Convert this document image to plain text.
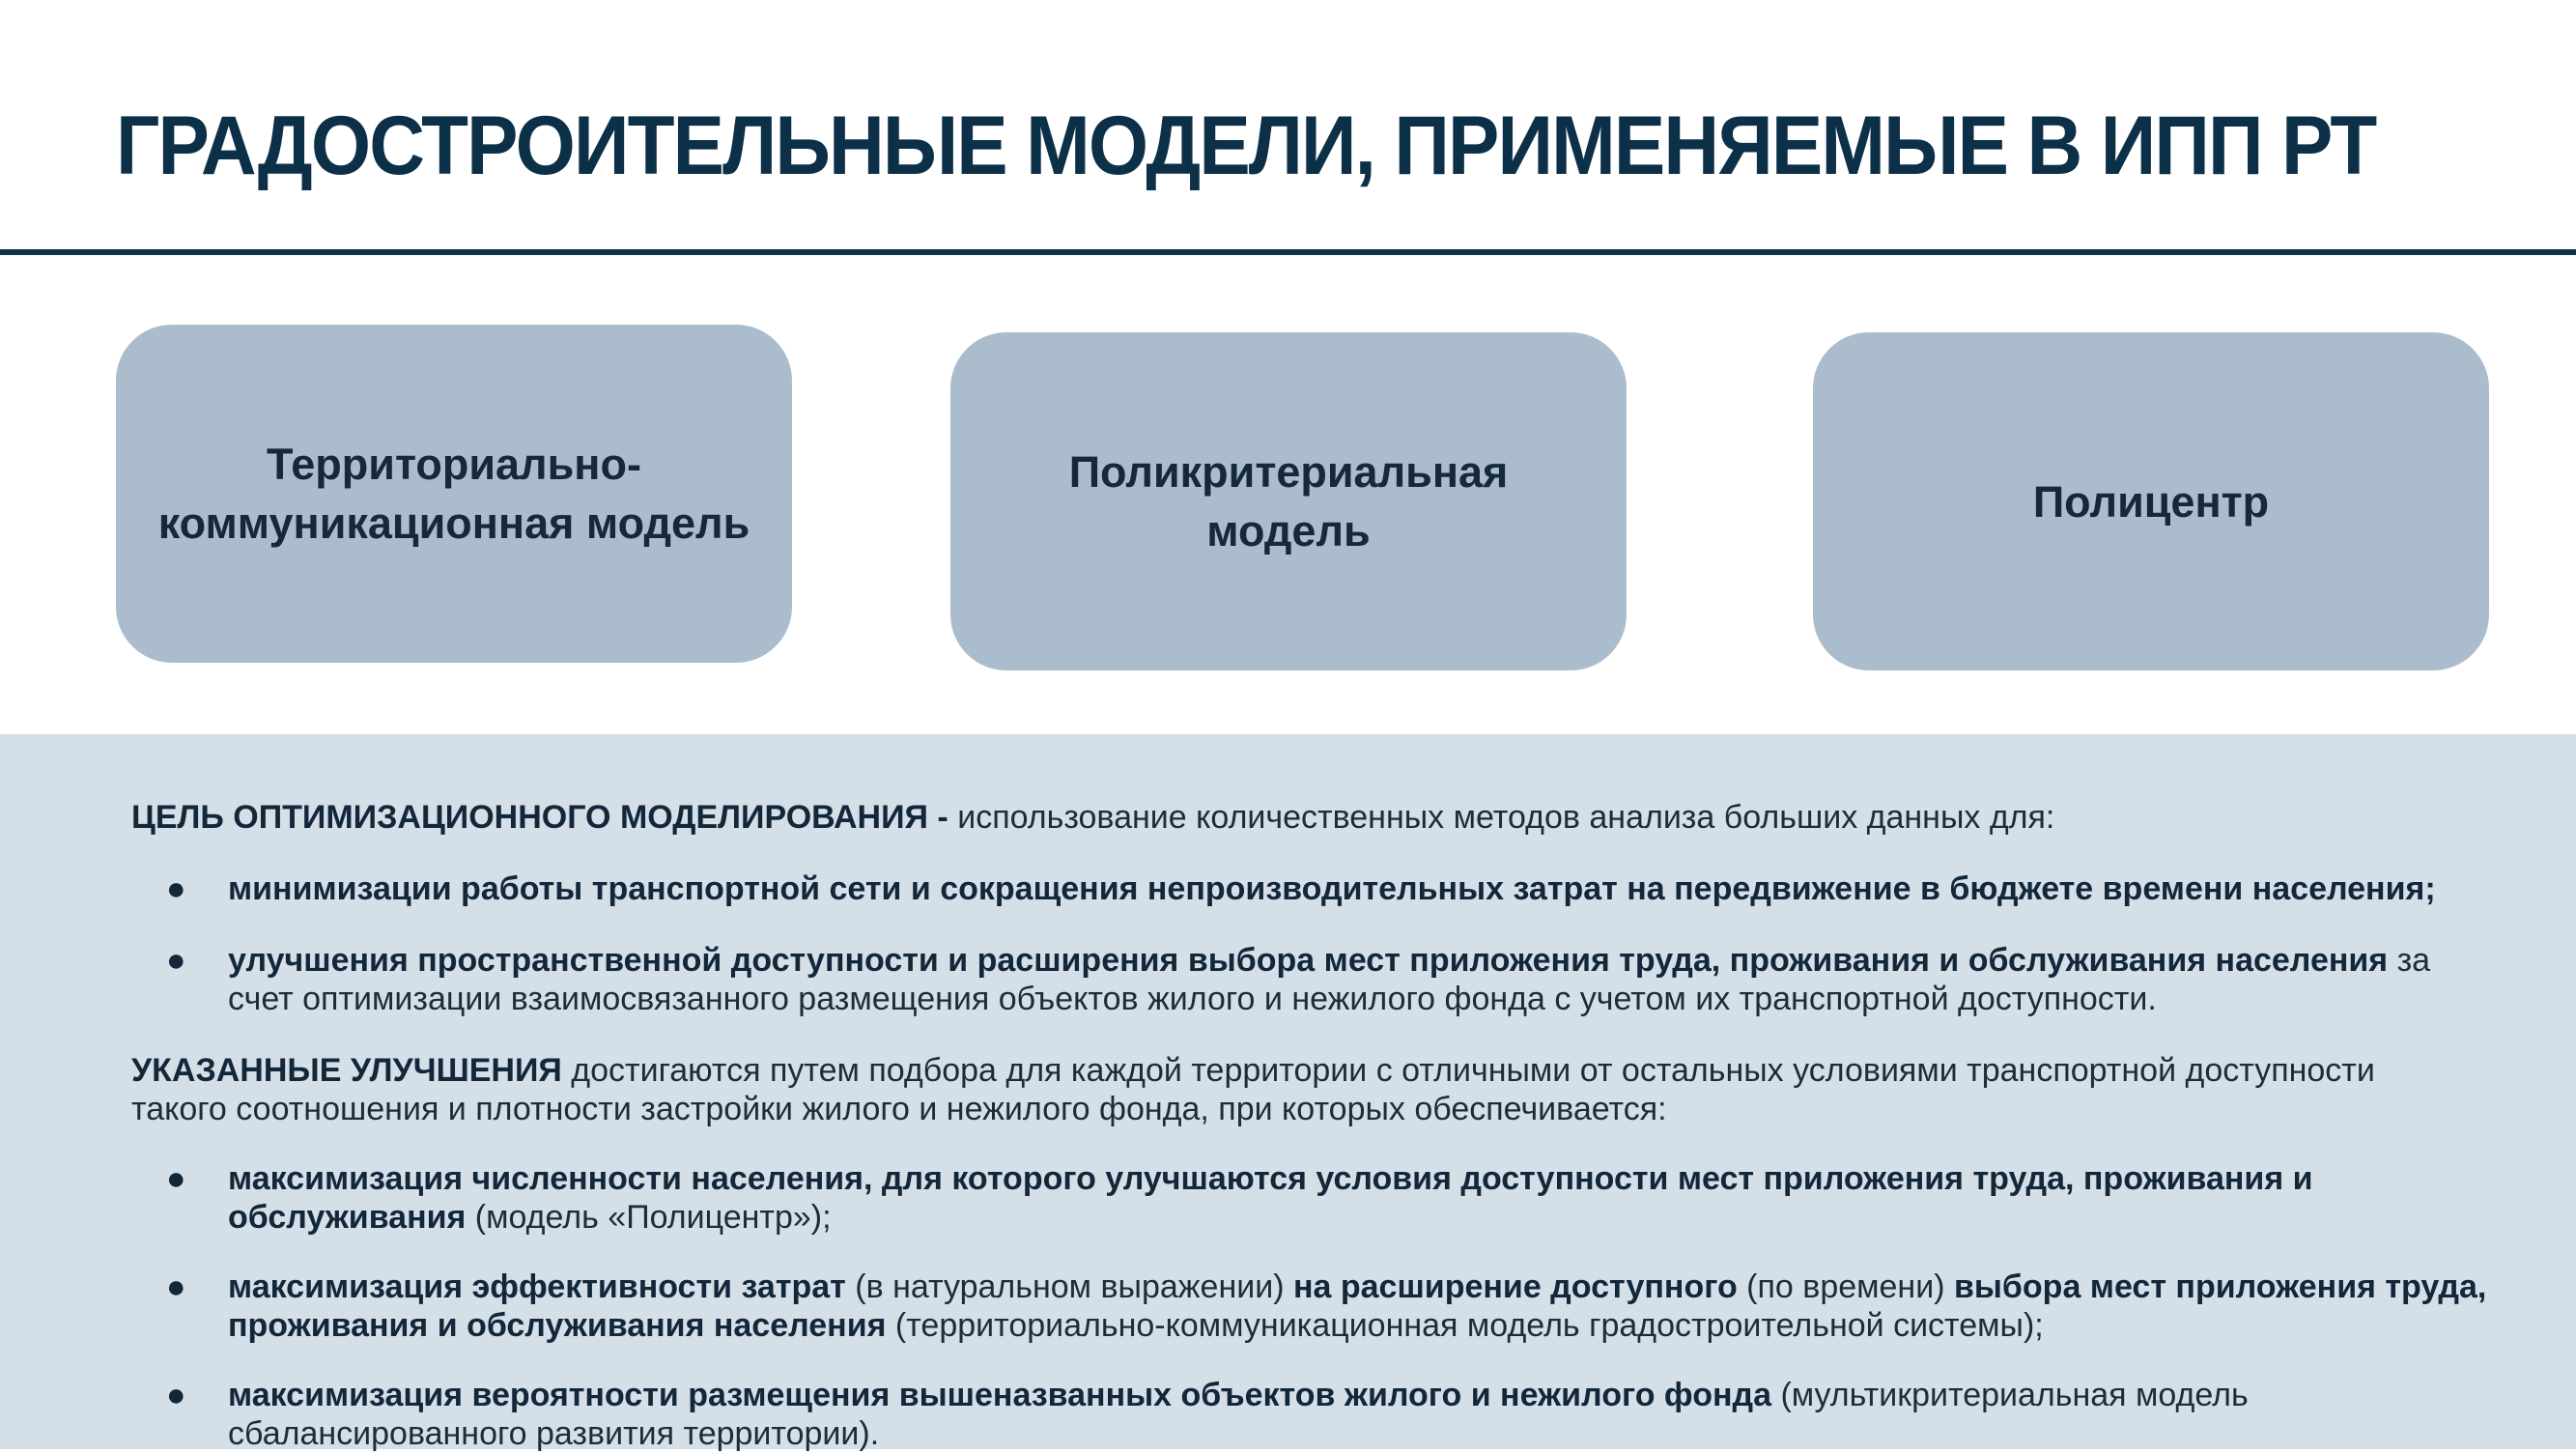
ГРАДОСТРОИТЕЛЬНЫЕ МОДЕЛИ, ПРИМЕНЯЕМЫЕ В ИПП РТ
Территориально-
коммуникационная модель
Поликритериальная модель
Полицентр

ЦЕЛЬ ОПТИМИЗАЦИОННОГО МОДЕЛИРОВАНИЯ - использование количественных методов анализа больших данных для:

● минимизации работы транспортной сети и сокращения непроизводительных затрат на передвижение в бюджете времени населения;

● улучшения пространственной доступности и расширения выбора мест приложения труда, проживания и обслуживания населения за счет оптимизации взаимосвязанного размещения объектов жилого и нежилого фонда с учетом их транспортной доступности.

УКАЗАННЫЕ УЛУЧШЕНИЯ достигаются путем подбора для каждой территории с отличными от остальных условиями транспортной доступности такого соотношения и плотности застройки жилого и нежилого фонда, при которых обеспечивается:

● максимизация численности населения, для которого улучшаются условия доступности мест приложения труда, проживания и обслуживания (модель «Полицентр»);

● максимизация эффективности затрат (в натуральном выражении) на расширение доступного (по времени) выбора мест приложения труда, проживания и обслуживания населения (территориально-коммуникационная модель градостроительной системы);

● максимизация вероятности размещения вышеназванных объектов жилого и нежилого фонда (мультикритериальная модель сбалансированного развития территории).
